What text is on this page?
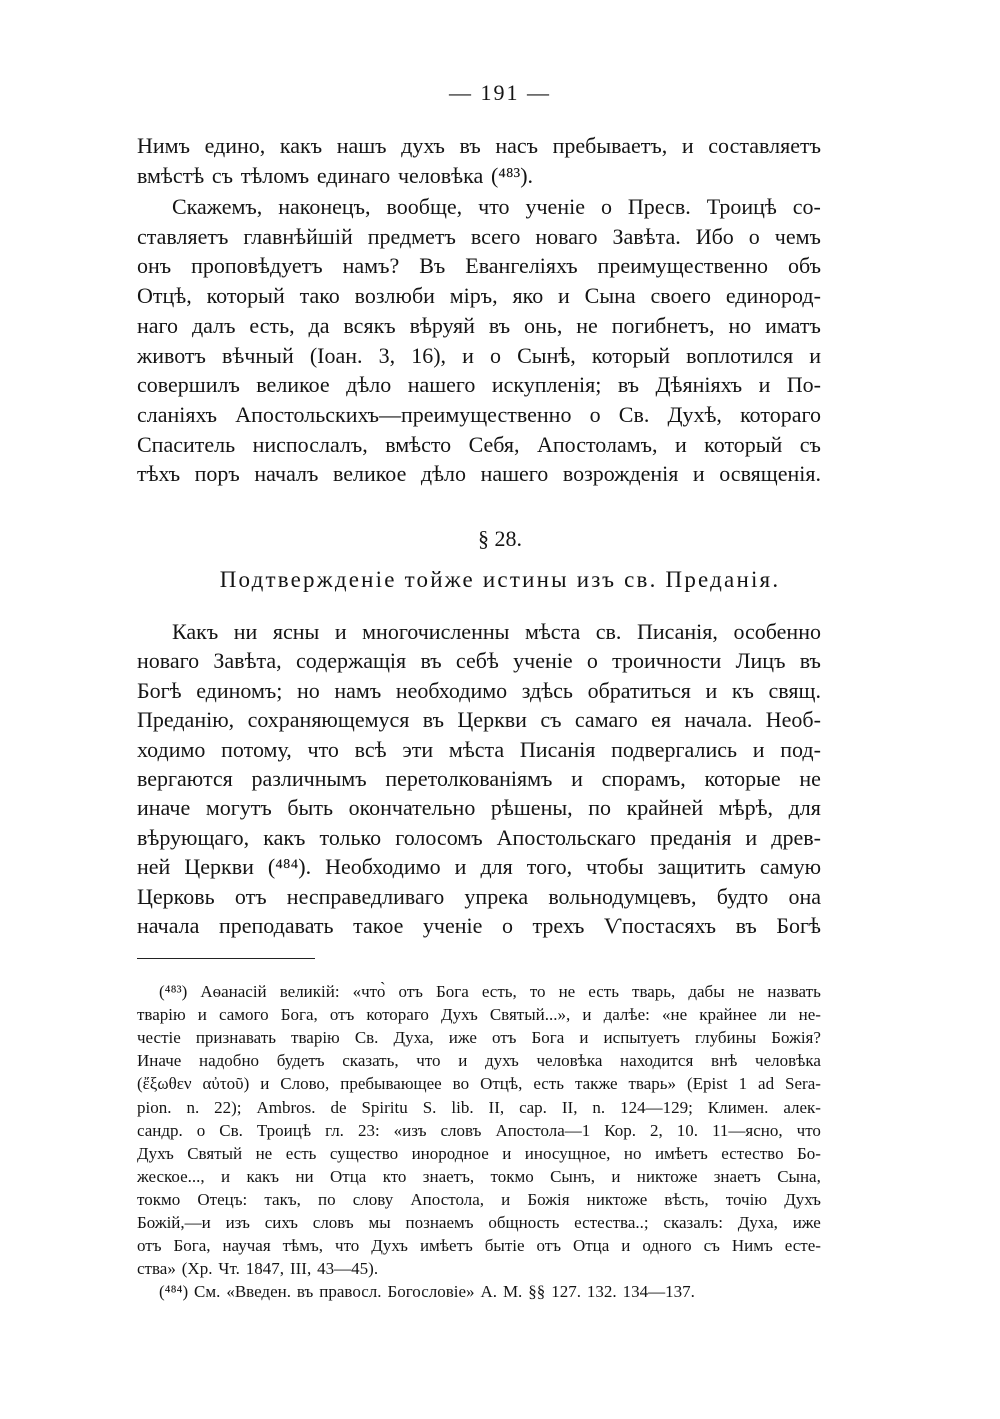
— 191 —
Нимъ едино, какъ нашъ духъ въ насъ пребываетъ, и составляетъ
вмѣстѣ съ тѣломъ единаго человѣка (⁴⁸³).
Скажемъ, наконецъ, вообще, что ученіе о Пресв. Троицѣ со-
ставляетъ главнѣйшій предметъ всего новаго Завѣта. Ибо о чемъ
онъ проповѣдуетъ намъ? Въ Евангеліяхъ преимущественно объ
Отцѣ, который тако возлюби міръ, яко и Сына своего единород-
наго далъ есть, да всякъ вѣруяй въ онь, не погибнетъ, но иматъ
животъ вѣчный (Іоан. 3, 16), и о Сынѣ, который воплотился и
совершилъ великое дѣло нашего искупленія; въ Дѣяніяхъ и По-
сланіяхъ Апостольскихъ—преимущественно о Св. Духѣ, котораго
Спаситель ниспослалъ, вмѣсто Себя, Апостоламъ, и который съ
тѣхъ поръ началъ великое дѣло нашего возрожденія и освященія.
§ 28.
Подтвержденіе тойже истины изъ св. Преданія.
Какъ ни ясны и многочисленны мѣста св. Писанія, особенно
новаго Завѣта, содержащія въ себѣ ученіе о троичности Лицъ въ
Богѣ единомъ; но намъ необходимо здѣсь обратиться и къ свящ.
Преданію, сохраняющемуся въ Церкви съ самаго ея начала. Необ-
ходимо потому, что всѣ эти мѣста Писанія подвергались и под-
вергаются различнымъ перетолкованіямъ и спорамъ, которые не
иначе могутъ быть окончательно рѣшены, по крайней мѣрѣ, для
вѣрующаго, какъ только голосомъ Апостольскаго преданія и древ-
ней Церкви (⁴⁸⁴). Необходимо и для того, чтобы защитить самую
Церковь отъ несправедливаго упрека вольнодумцевъ, будто она
начала преподавать такое ученіе о трехъ Ѵпостасяхъ въ Богѣ
(⁴⁸³) Аѳанасій великій: «что̀ отъ Бога есть, то не есть тварь, дабы не назвать
тварію и самого Бога, отъ котораго Духъ Святый...», и далѣе: «не крайнее ли не-
честіе признавать тварію Св. Духа, иже отъ Бога и испытуетъ глубины Божія?
Иначе надобно будетъ сказать, что и духъ человѣка находится внѣ человѣка
(ἔξωθεν αὐτοῦ) и Слово, пребывающее во Отцѣ, есть также тварь» (Epist 1 ad Sera-
pion. n. 22); Ambros. de Spiritu S. lib. II, cap. II, n. 124—129; Климен. алек-
сандр. о Св. Троицѣ гл. 23: «изъ словъ Апостола—1 Кор. 2, 10. 11—ясно, что
Духъ Святый не есть существо инородное и иносущное, но имѣетъ естество Бо-
жеское..., и какъ ни Отца кто знаетъ, токмо Сынъ, и никтоже знаетъ Сына,
токмо Отецъ: такъ, по слову Апостола, и Божія никтоже вѣсть, точію Духъ
Божій,—и изъ сихъ словъ мы познаемъ общность естества..; сказалъ: Духа, иже
отъ Бога, научая тѣмъ, что Духъ имѣетъ бытіе отъ Отца и одного съ Нимъ есте-
ства» (Хр. Чт. 1847, III, 43—45).
(⁴⁸⁴) См. «Введен. въ правосл. Богословіе» А. М. §§ 127. 132. 134—137.
